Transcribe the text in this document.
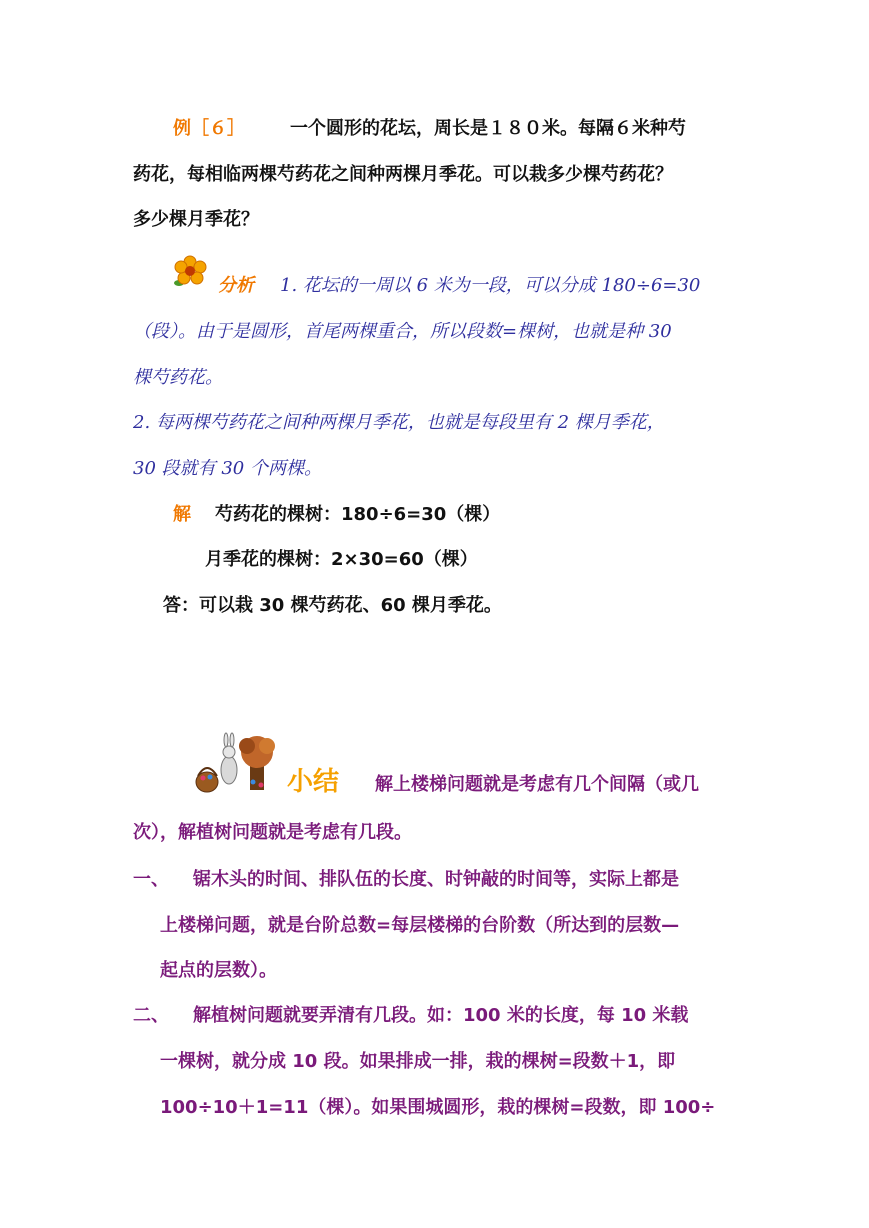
例［６］	一个圆形的花坛，周长是１８０米。每隔６米种芍
药花，每相临两棵芍药花之间种两棵月季花。可以栽多少棵芍药花？
多少棵月季花？
分析 1. 花坛的一周以 6 米为一段，可以分成 180÷6=30
（段）。由于是圆形，首尾两棵重合，所以段数=棵树，也就是种 30
棵芍药花。
2. 每两棵芍药花之间种两棵月季花，也就是每段里有 2 棵月季花，
30 段就有 30 个两棵。
解 芍药花的棵树：180÷6=30（棵）
月季花的棵树：2×30=60（棵）
答：可以栽 30 棵芍药花、60 棵月季花。
小结 解上楼梯问题就是考虑有几个间隔（或几
次），解植树问题就是考虑有几段。
一、 锯木头的时间、排队伍的长度、时钟敲的时间等，实际上都是
上楼梯问题，就是台阶总数=每层楼梯的台阶数（所达到的层数—
起点的层数）。
二、 解植树问题就要弄清有几段。如：100 米的长度，每 10 米载
一棵树，就分成 10 段。如果排成一排，栽的棵树=段数＋1，即
100÷10＋1=11（棵）。如果围城圆形，栽的棵树=段数，即 100÷
